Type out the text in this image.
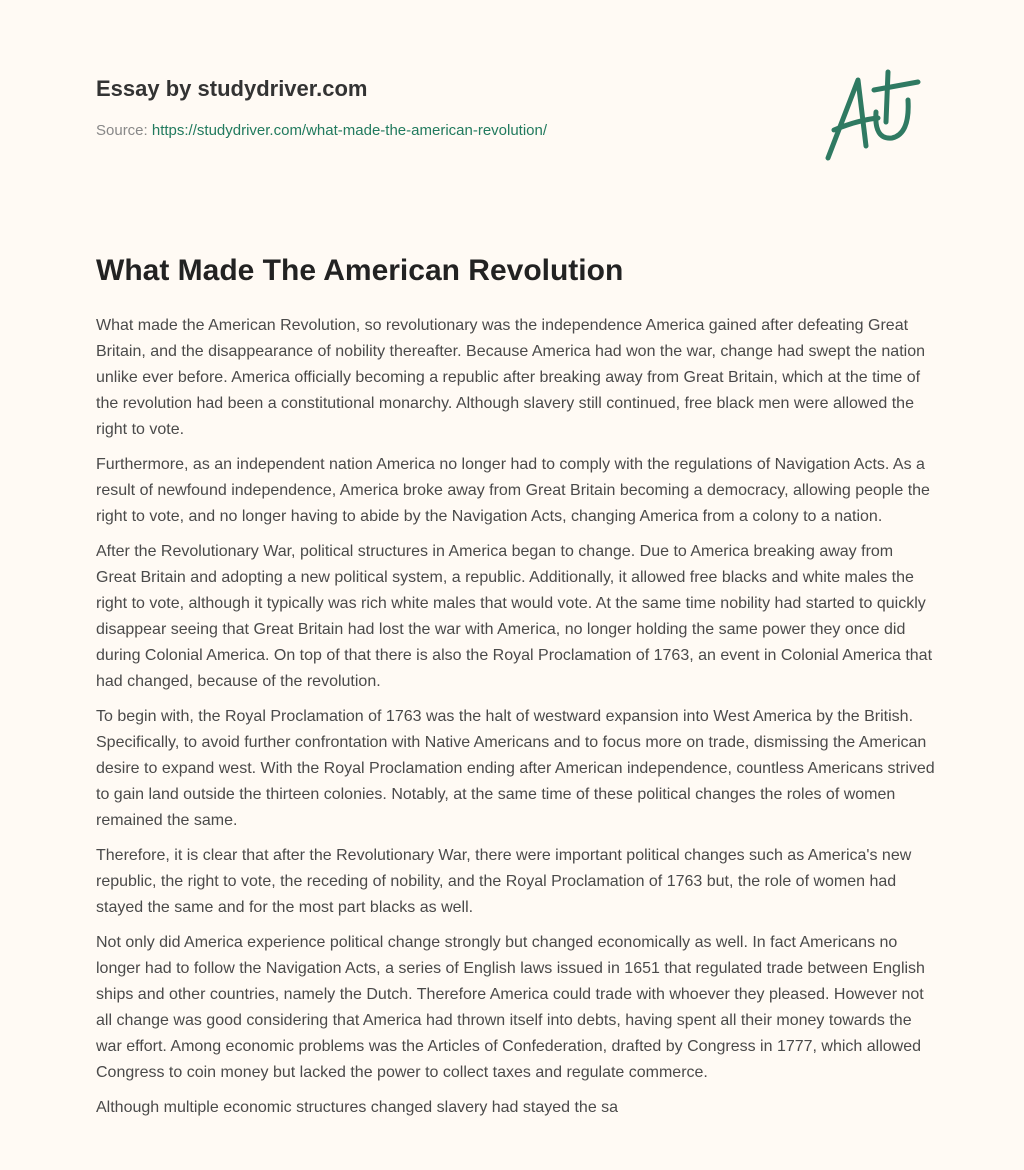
Essay by studydriver.com
Source: https://studydriver.com/what-made-the-american-revolution/
What Made The American Revolution

What made the American Revolution, so revolutionary was the independence America gained after defeating Great Britain, and the disappearance of nobility thereafter. Because America had won the war, change had swept the nation unlike ever before. America officially becoming a republic after breaking away from Great Britain, which at the time of the revolution had been a constitutional monarchy. Although slavery still continued, free black men were allowed the right to vote.

Furthermore, as an independent nation America no longer had to comply with the regulations of Navigation Acts. As a result of newfound independence, America broke away from Great Britain becoming a democracy, allowing people the right to vote, and no longer having to abide by the Navigation Acts, changing America from a colony to a nation.

After the Revolutionary War, political structures in America began to change. Due to America breaking away from Great Britain and adopting a new political system, a republic. Additionally, it allowed free blacks and white males the right to vote, although it typically was rich white males that would vote. At the same time nobility had started to quickly disappear seeing that Great Britain had lost the war with America, no longer holding the same power they once did during Colonial America. On top of that there is also the Royal Proclamation of 1763, an event in Colonial America that had changed, because of the revolution.

To begin with, the Royal Proclamation of 1763 was the halt of westward expansion into West America by the British. Specifically, to avoid further confrontation with Native Americans and to focus more on trade, dismissing the American desire to expand west. With the Royal Proclamation ending after American independence, countless Americans strived to gain land outside the thirteen colonies. Notably, at the same time of these political changes the roles of women remained the same.

Therefore, it is clear that after the Revolutionary War, there were important political changes such as America's new republic, the right to vote, the receding of nobility, and the Royal Proclamation of 1763 but, the role of women had stayed the same and for the most part blacks as well.

Not only did America experience political change strongly but changed economically as well. In fact Americans no longer had to follow the Navigation Acts, a series of English laws issued in 1651 that regulated trade between English ships and other countries, namely the Dutch. Therefore America could trade with whoever they pleased. However not all change was good considering that America had thrown itself into debts, having spent all their money towards the war effort. Among economic problems was the Articles of Confederation, drafted by Congress in 1777, which allowed Congress to coin money but lacked the power to collect taxes and regulate commerce.

Although multiple economic structures changed slavery had stayed the sa
